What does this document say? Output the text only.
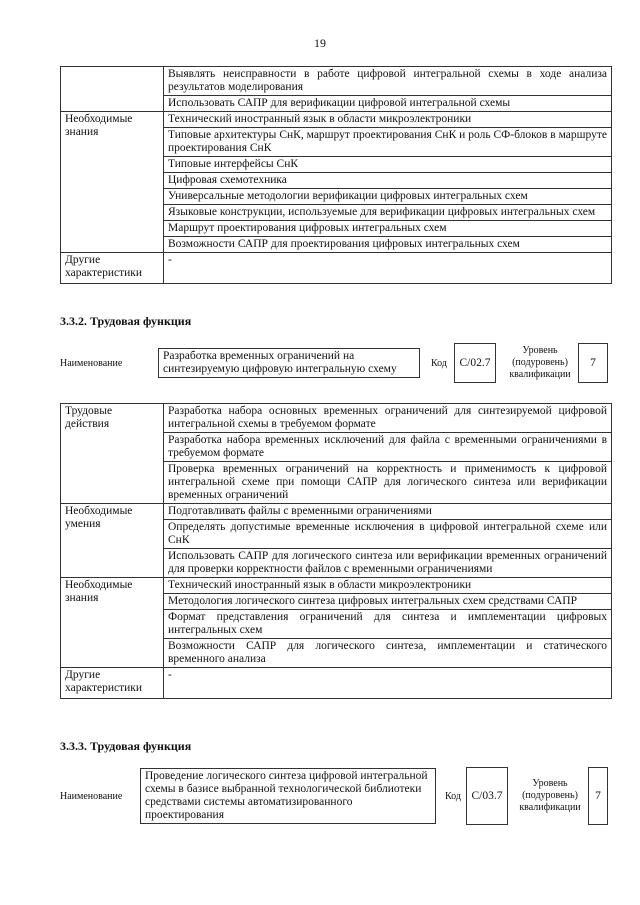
19
	Выявлять неисправности в работе цифровой интегральной схемы в ходе анализа результатов моделирования
	Использовать САПР для верификации цифровой интегральной схемы
Необходимые знания	Технический иностранный язык в области микроэлектроники
	Типовые архитектуры СнК, маршрут проектирования СнК и роль СФ-блоков в маршруте проектирования СнК
	Типовые интерфейсы СнК
	Цифровая схемотехника
	Универсальные методологии верификации цифровых интегральных схем
	Языковые конструкции, используемые для верификации цифровых интегральных схем
	Маршрут проектирования цифровых интегральных схем
	Возможности САПР для проектирования цифровых интегральных схем
Другие характеристики	-
3.3.2. Трудовая функция
Наименование
Разработка временных ограничений на синтезируемую цифровую интегральную схему	Код	C/02.7
Уровень (подуровень) квалификации
7
Трудовые действия	Разработка набора основных временных ограничений для синтезируемой цифровой интегральной схемы в требуемом формате
	Разработка набора временных исключений для файла с временными ограничениями в требуемом формате
	Проверка временных ограничений на корректность и применимость к цифровой интегральной схеме при помощи САПР для логического синтеза или верификации временных ограничений
Необходимые умения	Подготавливать файлы с временными ограничениями
	Определять допустимые временные исключения в цифровой интегральной схеме или СнК
	Использовать САПР для логического синтеза или верификации временных ограничений для проверки корректности файлов с временными ограничениями
Необходимые знания	Технический иностранный язык в области микроэлектроники
	Методология логического синтеза цифровых интегральных схем средствами САПР
	Формат представления ограничений для синтеза и имплементации цифровых интегральных схем
	Возможности САПР для логического синтеза, имплементации и статического временного анализа
Другие характеристики	-
3.3.3. Трудовая функция
Наименование
Проведение логического синтеза цифровой интегральной схемы в базисе выбранной технологической библиотеки средствами системы автоматизированного проектирования
Код C/03.7
Уровень (подуровень) квалификации
7
